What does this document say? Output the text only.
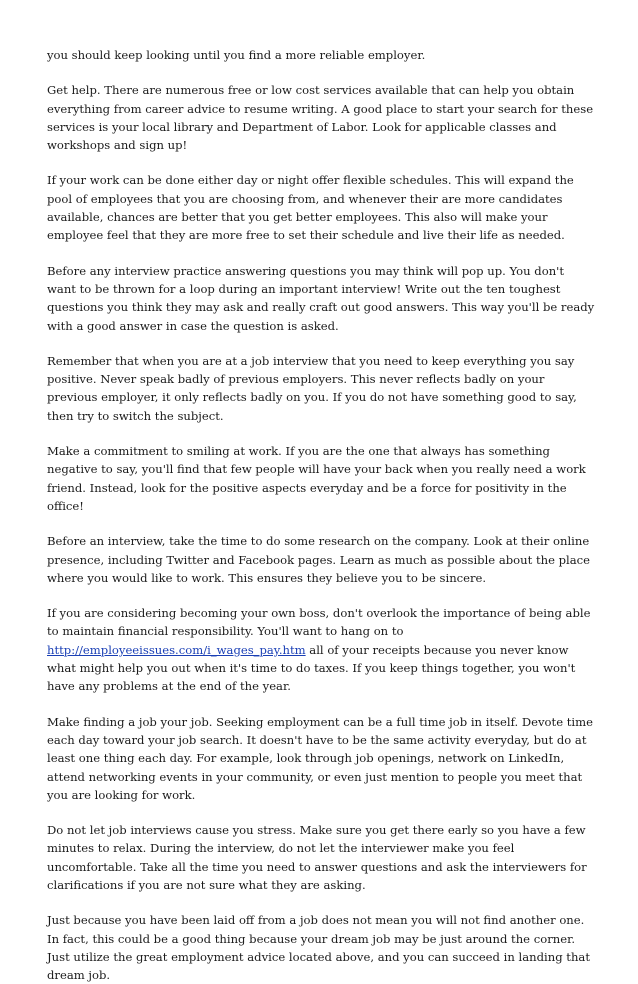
you should keep looking until you find a more reliable employer.

Get help. There are numerous free or low cost services available that can help you obtain everything from career advice to resume writing. A good place to start your search for these services is your local library and Department of Labor. Look for applicable classes and workshops and sign up!

If your work can be done either day or night offer flexible schedules. This will expand the pool of employees that you are choosing from, and whenever their are more candidates available, chances are better that you get better employees. This also will make your employee feel that they are more free to set their schedule and live their life as needed.

Before any interview practice answering questions you may think will pop up. You don't want to be thrown for a loop during an important interview! Write out the ten toughest questions you think they may ask and really craft out good answers. This way you'll be ready with a good answer in case the question is asked.

Remember that when you are at a job interview that you need to keep everything you say positive. Never speak badly of previous employers. This never reflects badly on your previous employer, it only reflects badly on you. If you do not have something good to say, then try to switch the subject.

Make a commitment to smiling at work. If you are the one that always has something negative to say, you'll find that few people will have your back when you really need a work friend. Instead, look for the positive aspects everyday and be a force for positivity in the office!

Before an interview, take the time to do some research on the company. Look at their online presence, including Twitter and Facebook pages. Learn as much as possible about the place where you would like to work. This ensures they believe you to be sincere.

If you are considering becoming your own boss, don't overlook the importance of being able to maintain financial responsibility. You'll want to hang on to http://employeeissues.com/i_wages_pay.htm all of your receipts because you never know what might help you out when it's time to do taxes. If you keep things together, you won't have any problems at the end of the year.

Make finding a job your job. Seeking employment can be a full time job in itself. Devote time each day toward your job search. It doesn't have to be the same activity everyday, but do at least one thing each day. For example, look through job openings, network on LinkedIn, attend networking events in your community, or even just mention to people you meet that you are looking for work.

Do not let job interviews cause you stress. Make sure you get there early so you have a few minutes to relax. During the interview, do not let the interviewer make you feel uncomfortable. Take all the time you need to answer questions and ask the interviewers for clarifications if you are not sure what they are asking.

Just because you have been laid off from a job does not mean you will not find another one. In fact, this could be a good thing because your dream job may be just around the corner. Just utilize the great employment advice located above, and you can succeed in landing that dream job.
